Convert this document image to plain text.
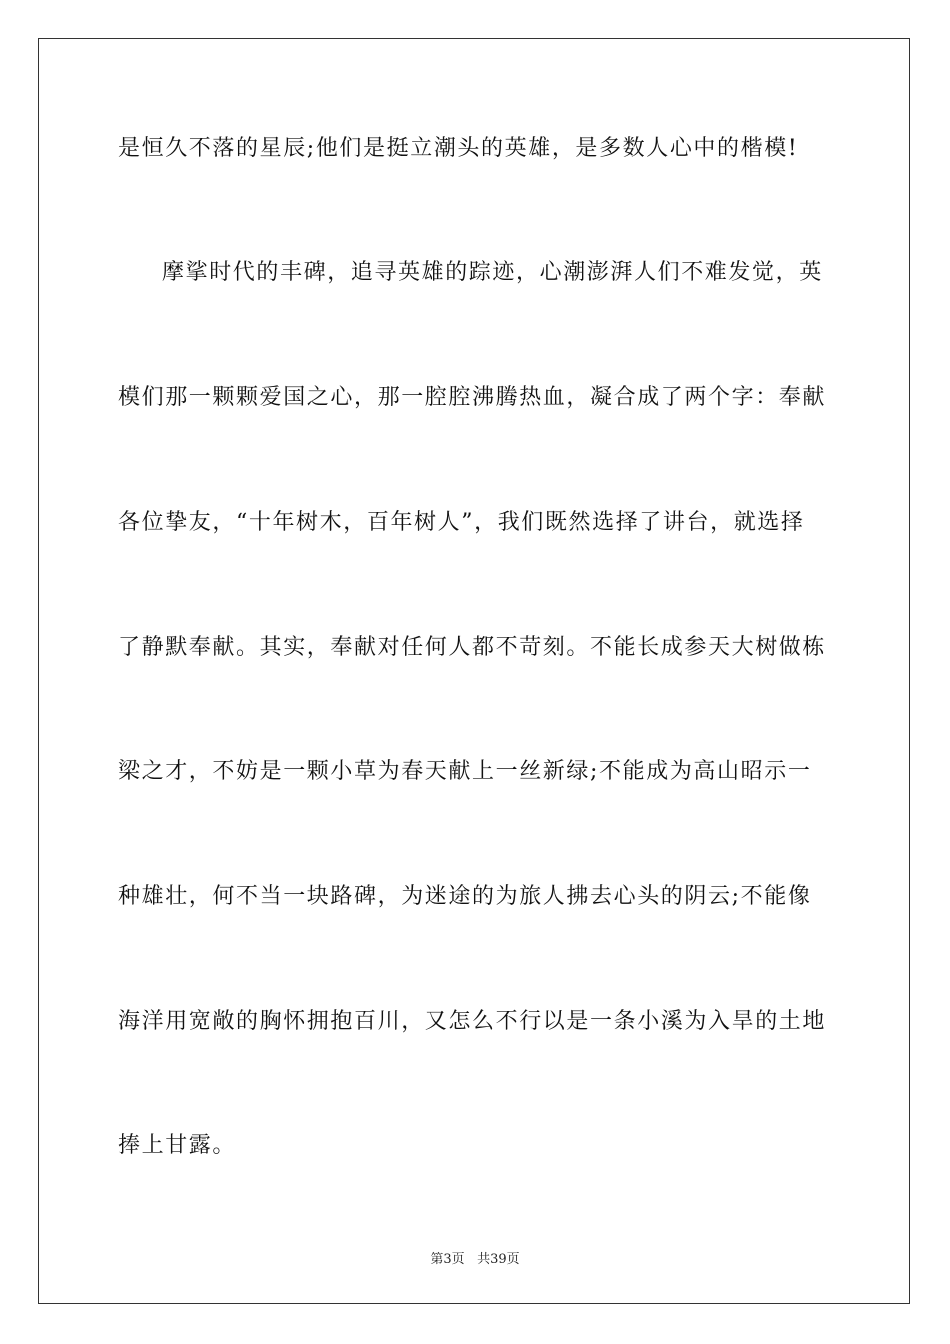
是恒久不落的星辰;他们是挺立潮头的英雄，是多数人心中的楷模!
摩挲时代的丰碑，追寻英雄的踪迹，心潮澎湃人们不难发觉，英
模们那一颗颗爱国之心，那一腔腔沸腾热血，凝合成了两个字：奉献
各位挚友，“十年树木，百年树人”，我们既然选择了讲台，就选择
了静默奉献。其实，奉献对任何人都不苛刻。不能长成参天大树做栋
梁之才，不妨是一颗小草为春天献上一丝新绿;不能成为高山昭示一
种雄壮，何不当一块路碑，为迷途的为旅人拂去心头的阴云;不能像
海洋用宽敞的胸怀拥抱百川，又怎么不行以是一条小溪为入旱的土地
捧上甘露。
第3页 共39页
